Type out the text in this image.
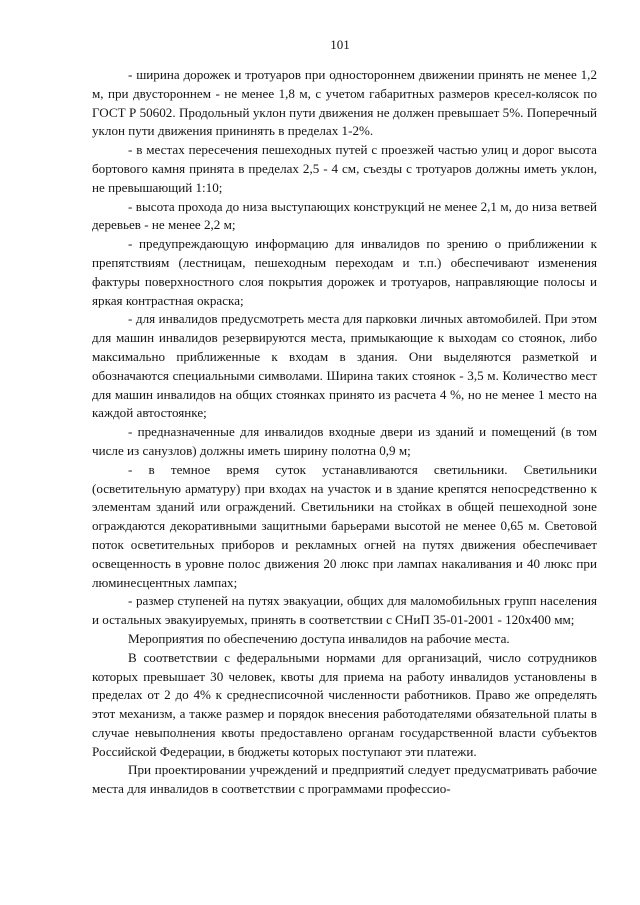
101

- ширина дорожек и тротуаров при одностороннем движении принять не менее 1,2 м, при двустороннем - не менее 1,8 м, с учетом габаритных размеров кресел-колясок по ГОСТ Р 50602. Продольный уклон пути движения не должен превышает 5%. Поперечный уклон пути движения прининять в пределах 1-2%.

- в местах пересечения пешеходных путей с проезжей частью улиц и дорог высота бортового камня принята в пределах 2,5 - 4 см, съезды с тротуаров должны иметь уклон, не превышающий 1:10;

- высота прохода до низа выступающих конструкций не менее 2,1 м, до низа ветвей деревьев - не менее 2,2 м;

- предупреждающую информацию для инвалидов по зрению о приближении к препятствиям (лестницам, пешеходным переходам и т.п.) обеспечивают изменения фактуры поверхностного слоя покрытия дорожек и тротуаров, направляющие полосы и яркая контрастная окраска;

- для инвалидов предусмотреть места для парковки личных автомобилей. При этом для машин инвалидов резервируются места, примыкающие к выходам со стоянок, либо максимально приближенные к входам в здания. Они выделяются разметкой и обозначаются специальными символами. Ширина таких стоянок - 3,5 м. Количество мест для машин инвалидов на общих стоянках принято из расчета 4 %, но не менее 1 место на каждой автостоянке;

- предназначенные для инвалидов входные двери из зданий и помещений (в том числе из санузлов) должны иметь ширину полотна 0,9 м;

- в темное время суток устанавливаются светильники. Светильники (осветительную арматуру) при входах на участок и в здание крепятся непосредственно к элементам зданий или ограждений. Светильники на стойках в общей пешеходной зоне ограждаются декоративными защитными барьерами высотой не менее 0,65 м. Световой поток осветительных приборов и рекламных огней на путях движения обеспечивает освещенность в уровне полос движения 20 люкс при лампах накаливания и 40 люкс при люминесцентных лампах;

- размер ступеней на путях эвакуации, общих для маломобильных групп населения и остальных эвакуируемых, принять в соответствии с СНиП 35-01-2001 - 120х400 мм;

Мероприятия по обеспечению доступа инвалидов на рабочие места.

В соответствии с федеральными нормами для организаций, число сотрудников которых превышает 30 человек, квоты для приема на работу инвалидов установлены в пределах от 2 до 4% к среднесписочной численности работников. Право же определять этот механизм, а также размер и порядок внесения работодателями обязательной платы в случае невыполнения квоты предоставлено органам государственной власти субъектов Российской Федерации, в бюджеты которых поступают эти платежи.

При проектировании учреждений и предприятий следует предусматривать рабочие места для инвалидов в соответствии с программами профессио-
